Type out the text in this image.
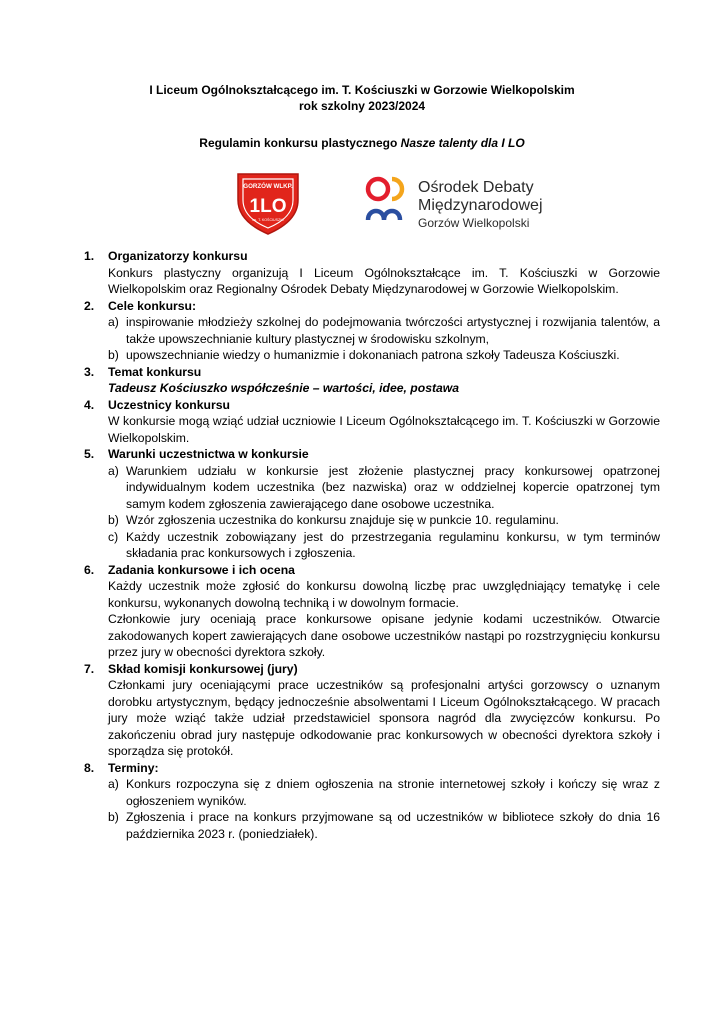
I Liceum Ogólnokształcącego im. T. Kościuszki w Gorzowie Wielkopolskim
rok szkolny 2023/2024
Regulamin konkursu plastycznego Nasze talenty dla I LO
GORZÓW WLKP.
1LO
im. T. KOŚCIUSZKI
Ośrodek Debaty
Międzynarodowej
Gorzów Wielkopolski
1. Organizatorzy konkursu
Konkurs plastyczny organizują I Liceum Ogólnokształcące im. T. Kościuszki w Gorzowie Wielkopolskim oraz Regionalny Ośrodek Debaty Międzynarodowej w Gorzowie Wielkopolskim.
2. Cele konkursu:
a) inspirowanie młodzieży szkolnej do podejmowania twórczości artystycznej i rozwijania talentów, a także upowszechnianie kultury plastycznej w środowisku szkolnym,
b) upowszechnianie wiedzy o humanizmie i dokonaniach patrona szkoły Tadeusza Kościuszki.
3. Temat konkursu
Tadeusz Kościuszko współcześnie – wartości, idee, postawa
4. Uczestnicy konkursu
W konkursie mogą wziąć udział uczniowie I Liceum Ogólnokształcącego im. T. Kościuszki w Gorzowie Wielkopolskim.
5. Warunki uczestnictwa w konkursie
a) Warunkiem udziału w konkursie jest złożenie plastycznej pracy konkursowej opatrzonej indywidualnym kodem uczestnika (bez nazwiska) oraz w oddzielnej kopercie opatrzonej tym samym kodem zgłoszenia zawierającego dane osobowe uczestnika.
b) Wzór zgłoszenia uczestnika do konkursu znajduje się w punkcie 10. regulaminu.
c) Każdy uczestnik zobowiązany jest do przestrzegania regulaminu konkursu, w tym terminów składania prac konkursowych i zgłoszenia.
6. Zadania konkursowe i ich ocena
Każdy uczestnik może zgłosić do konkursu dowolną liczbę prac uwzględniający tematykę i cele konkursu, wykonanych dowolną techniką i w dowolnym formacie.
Członkowie jury oceniają prace konkursowe opisane jedynie kodami uczestników. Otwarcie zakodowanych kopert zawierających dane osobowe uczestników nastąpi po rozstrzygnięciu konkursu przez jury w obecności dyrektora szkoły.
7. Skład komisji konkursowej (jury)
Członkami jury oceniającymi prace uczestników są profesjonalni artyści gorzowscy o uznanym dorobku artystycznym, będący jednocześnie absolwentami I Liceum Ogólnokształcącego. W pracach jury może wziąć także udział przedstawiciel sponsora nagród dla zwycięzców konkursu. Po zakończeniu obrad jury następuje odkodowanie prac konkursowych w obecności dyrektora szkoły i sporządza się protokół.
8. Terminy:
a) Konkurs rozpoczyna się z dniem ogłoszenia na stronie internetowej szkoły i kończy się wraz z ogłoszeniem wyników.
b) Zgłoszenia i prace na konkurs przyjmowane są od uczestników w bibliotece szkoły do dnia 16 października 2023 r. (poniedziałek).
